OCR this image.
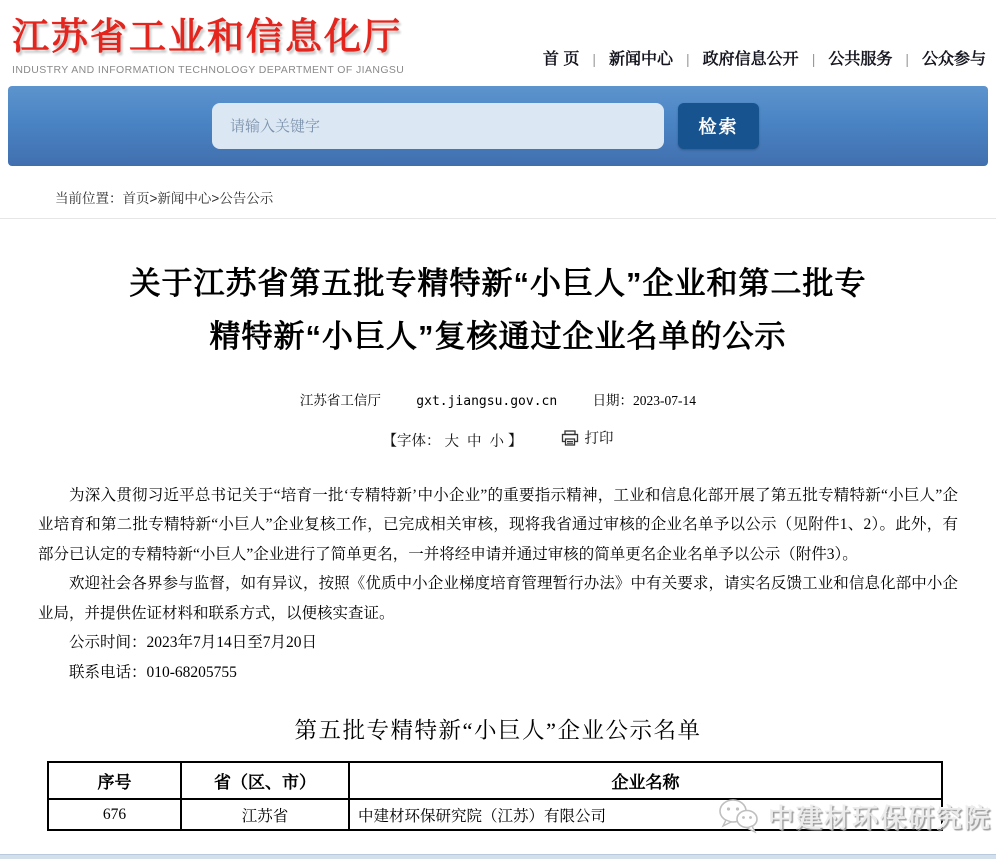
江苏省工业和信息化厅
INDUSTRY AND INFORMATION TECHNOLOGY DEPARTMENT OF JIANGSU
首 页 | 新闻中心 | 政府信息公开 | 公共服务 | 公众参与
请输入关键字
检索
当前位置：首页>新闻中心>公告公示
关于江苏省第五批专精特新“小巨人”企业和第二批专
精特新“小巨人”复核通过企业名单的公示
江苏省工信厅	gxt.jiangsu.gov.cn	日期：2023-07-14
【字体： 大 中 小 】	打印

为深入贯彻习近平总书记关于“培育一批‘专精特新’中小企业”的重要指示精神，工业和信息化部开展了第五批专精特新“小巨人”企业培育和第二批专精特新“小巨人”企业复核工作，已完成相关审核，现将我省通过审核的企业名单予以公示（见附件1、2）。此外，有部分已认定的专精特新“小巨人”企业进行了简单更名，一并将经申请并通过审核的简单更名企业名单予以公示（附件3）。

欢迎社会各界参与监督，如有异议，按照《优质中小企业梯度培育管理暂行办法》中有关要求，请实名反馈工业和信息化部中小企业局，并提供佐证材料和联系方式，以便核实查证。

公示时间：2023年7月14日至7月20日

联系电话：010-68205755

第五批专精特新“小巨人”企业公示名单
序号	省（区、市）	企业名称
676	江苏省	中建材环保研究院（江苏）有限公司	中建材环保研究院
